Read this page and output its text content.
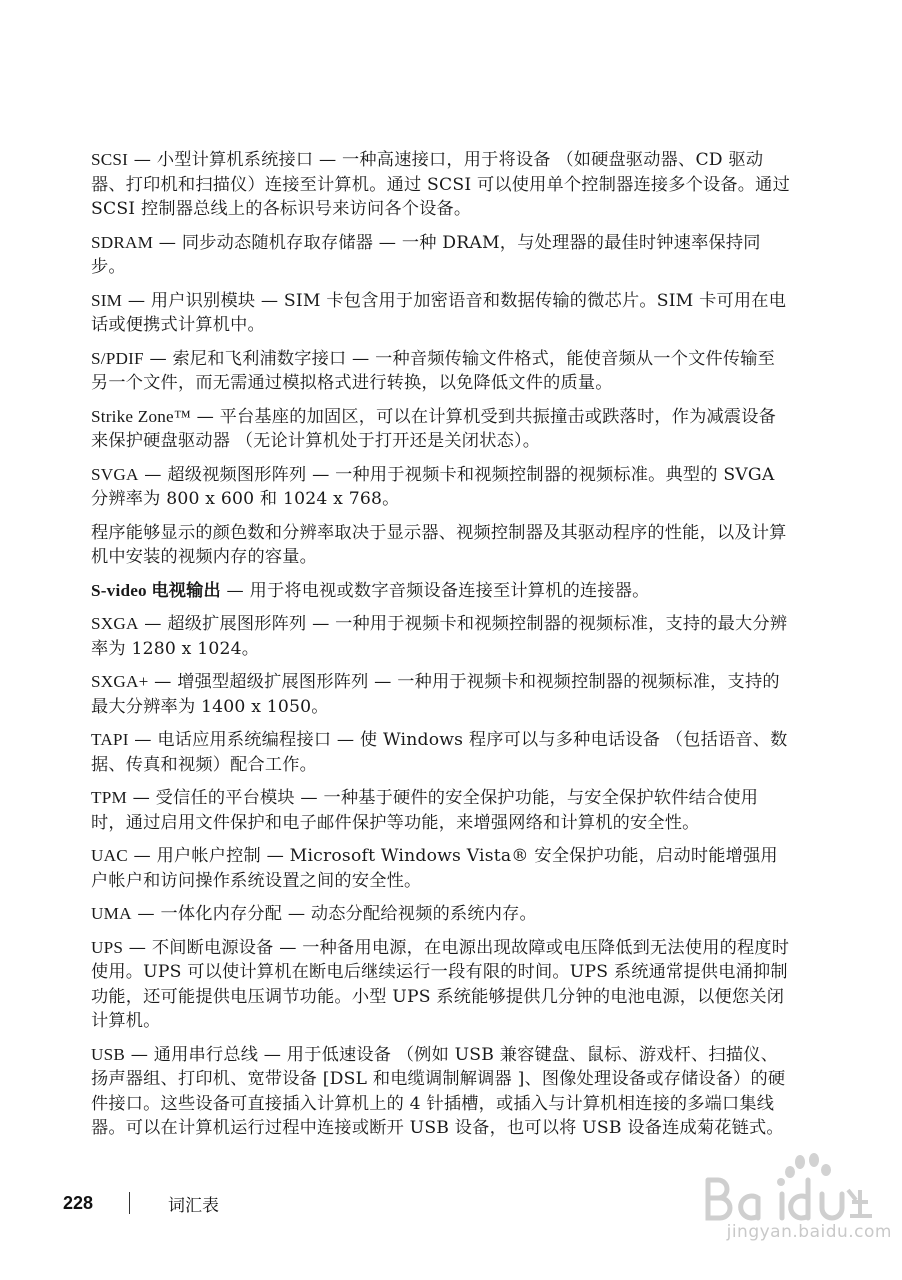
SCSI — 小型计算机系统接口 — 一种高速接口，用于将设备 （如硬盘驱动器、CD 驱动器、打印机和扫描仪）连接至计算机。通过 SCSI 可以使用单个控制器连接多个设备。通过 SCSI 控制器总线上的各标识号来访问各个设备。

SDRAM — 同步动态随机存取存储器 — 一种 DRAM，与处理器的最佳时钟速率保持同步。

SIM — 用户识别模块 — SIM 卡包含用于加密语音和数据传输的微芯片。SIM 卡可用在电话或便携式计算机中。

S/PDIF — 索尼和飞利浦数字接口 — 一种音频传输文件格式，能使音频从一个文件传输至另一个文件，而无需通过模拟格式进行转换，以免降低文件的质量。

Strike Zone™ — 平台基座的加固区，可以在计算机受到共振撞击或跌落时，作为减震设备来保护硬盘驱动器 （无论计算机处于打开还是关闭状态）。

SVGA — 超级视频图形阵列 — 一种用于视频卡和视频控制器的视频标准。典型的 SVGA 分辨率为 800 x 600 和 1024 x 768。

程序能够显示的颜色数和分辨率取决于显示器、视频控制器及其驱动程序的性能，以及计算机中安装的视频内存的容量。

S-video 电视输出 — 用于将电视或数字音频设备连接至计算机的连接器。

SXGA — 超级扩展图形阵列 — 一种用于视频卡和视频控制器的视频标准，支持的最大分辨率为 1280 x 1024。

SXGA+ — 增强型超级扩展图形阵列 — 一种用于视频卡和视频控制器的视频标准，支持的最大分辨率为 1400 x 1050。

TAPI — 电话应用系统编程接口 — 使 Windows 程序可以与多种电话设备 （包括语音、数据、传真和视频）配合工作。

TPM — 受信任的平台模块 — 一种基于硬件的安全保护功能，与安全保护软件结合使用时，通过启用文件保护和电子邮件保护等功能，来增强网络和计算机的安全性。

UAC — 用户帐户控制 — Microsoft Windows Vista® 安全保护功能，启动时能增强用户帐户和访问操作系统设置之间的安全性。

UMA — 一体化内存分配 — 动态分配给视频的系统内存。

UPS — 不间断电源设备 — 一种备用电源，在电源出现故障或电压降低到无法使用的程度时使用。UPS 可以使计算机在断电后继续运行一段有限的时间。UPS 系统通常提供电涌抑制功能，还可能提供电压调节功能。小型 UPS 系统能够提供几分钟的电池电源，以便您关闭计算机。

USB — 通用串行总线 — 用于低速设备 （例如 USB 兼容键盘、鼠标、游戏杆、扫描仪、扬声器组、打印机、宽带设备 [DSL 和电缆调制解调器 ]、图像处理设备或存储设备）的硬件接口。这些设备可直接插入计算机上的 4 针插槽，或插入与计算机相连接的多端口集线器。可以在计算机运行过程中连接或断开 USB 设备，也可以将 USB 设备连成菊花链式。

228	词汇表
jingyan.baidu.com
